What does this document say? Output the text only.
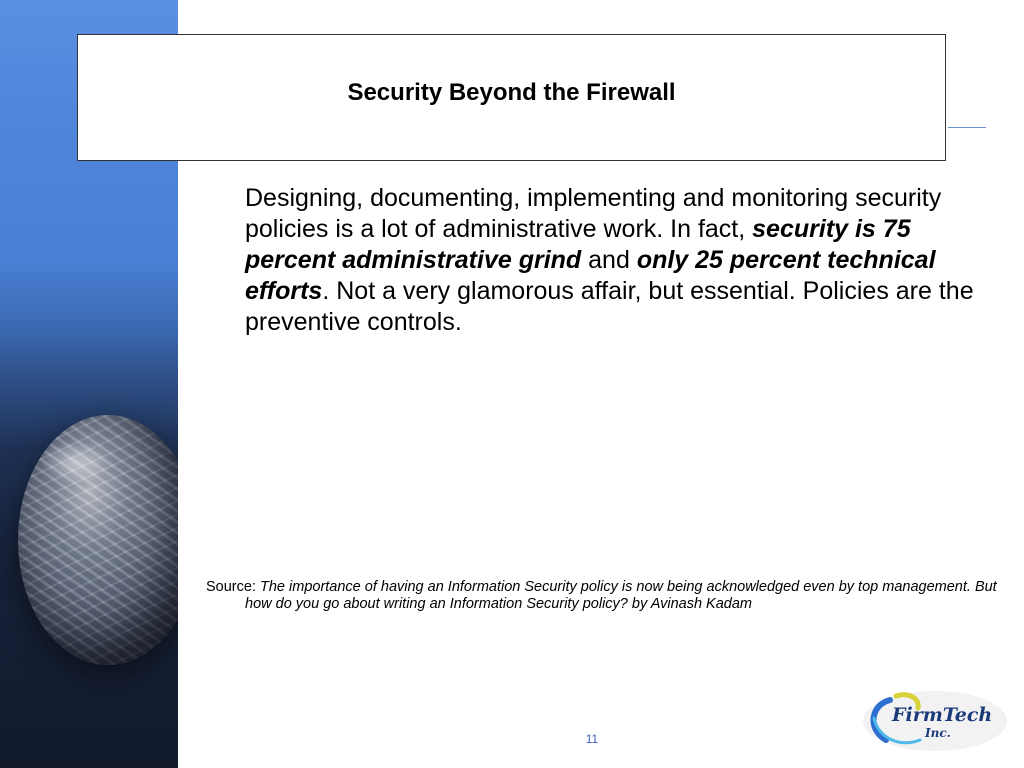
Security Beyond the Firewall
Designing, documenting, implementing and monitoring security policies is a lot of administrative work. In fact, security is 75 percent administrative grind and only 25 percent technical efforts. Not a very glamorous affair, but essential. Policies are the preventive controls.
Source: The importance of having an Information Security policy is now being acknowledged even by top management. But how do you go about writing an Information Security policy? by Avinash Kadam
11
FirmTech
Inc.
